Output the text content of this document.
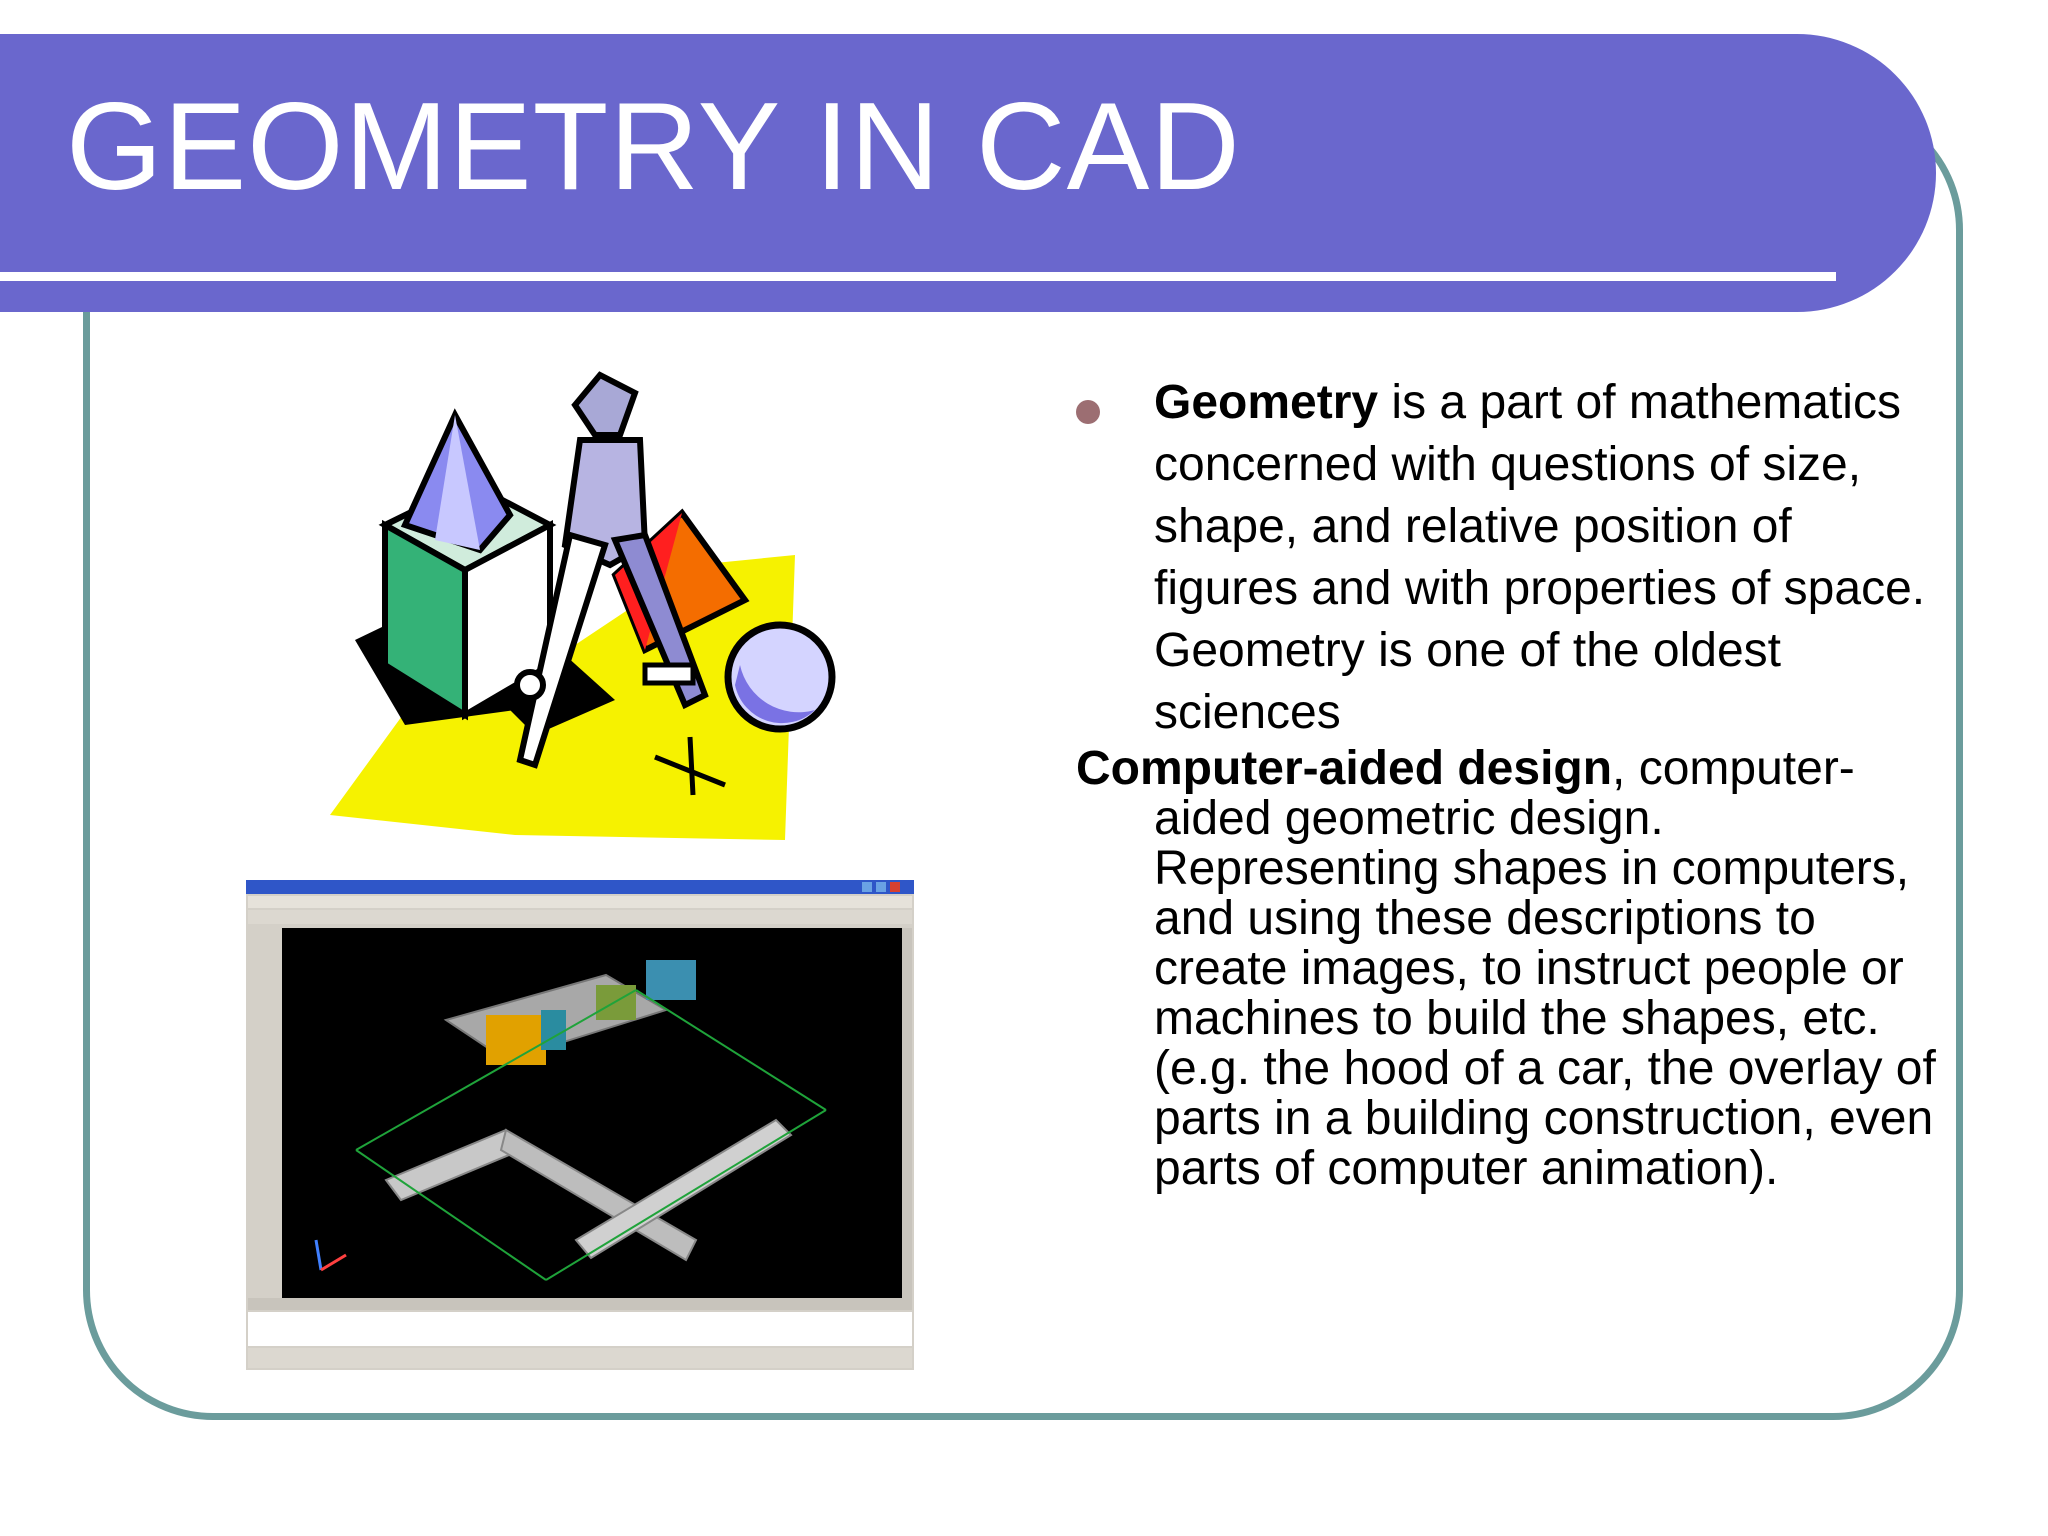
GEOMETRY IN CAD
Geometry is a part of mathematics concerned with questions of size, shape, and relative position of figures and with properties of space. Geometry is one of the oldest sciences
Computer-aided design, computer-aided geometric design. Representing shapes in computers, and using these descriptions to create images, to instruct people or machines to build the shapes, etc. (e.g. the hood of a car, the overlay of parts in a building construction, even parts of computer animation).
